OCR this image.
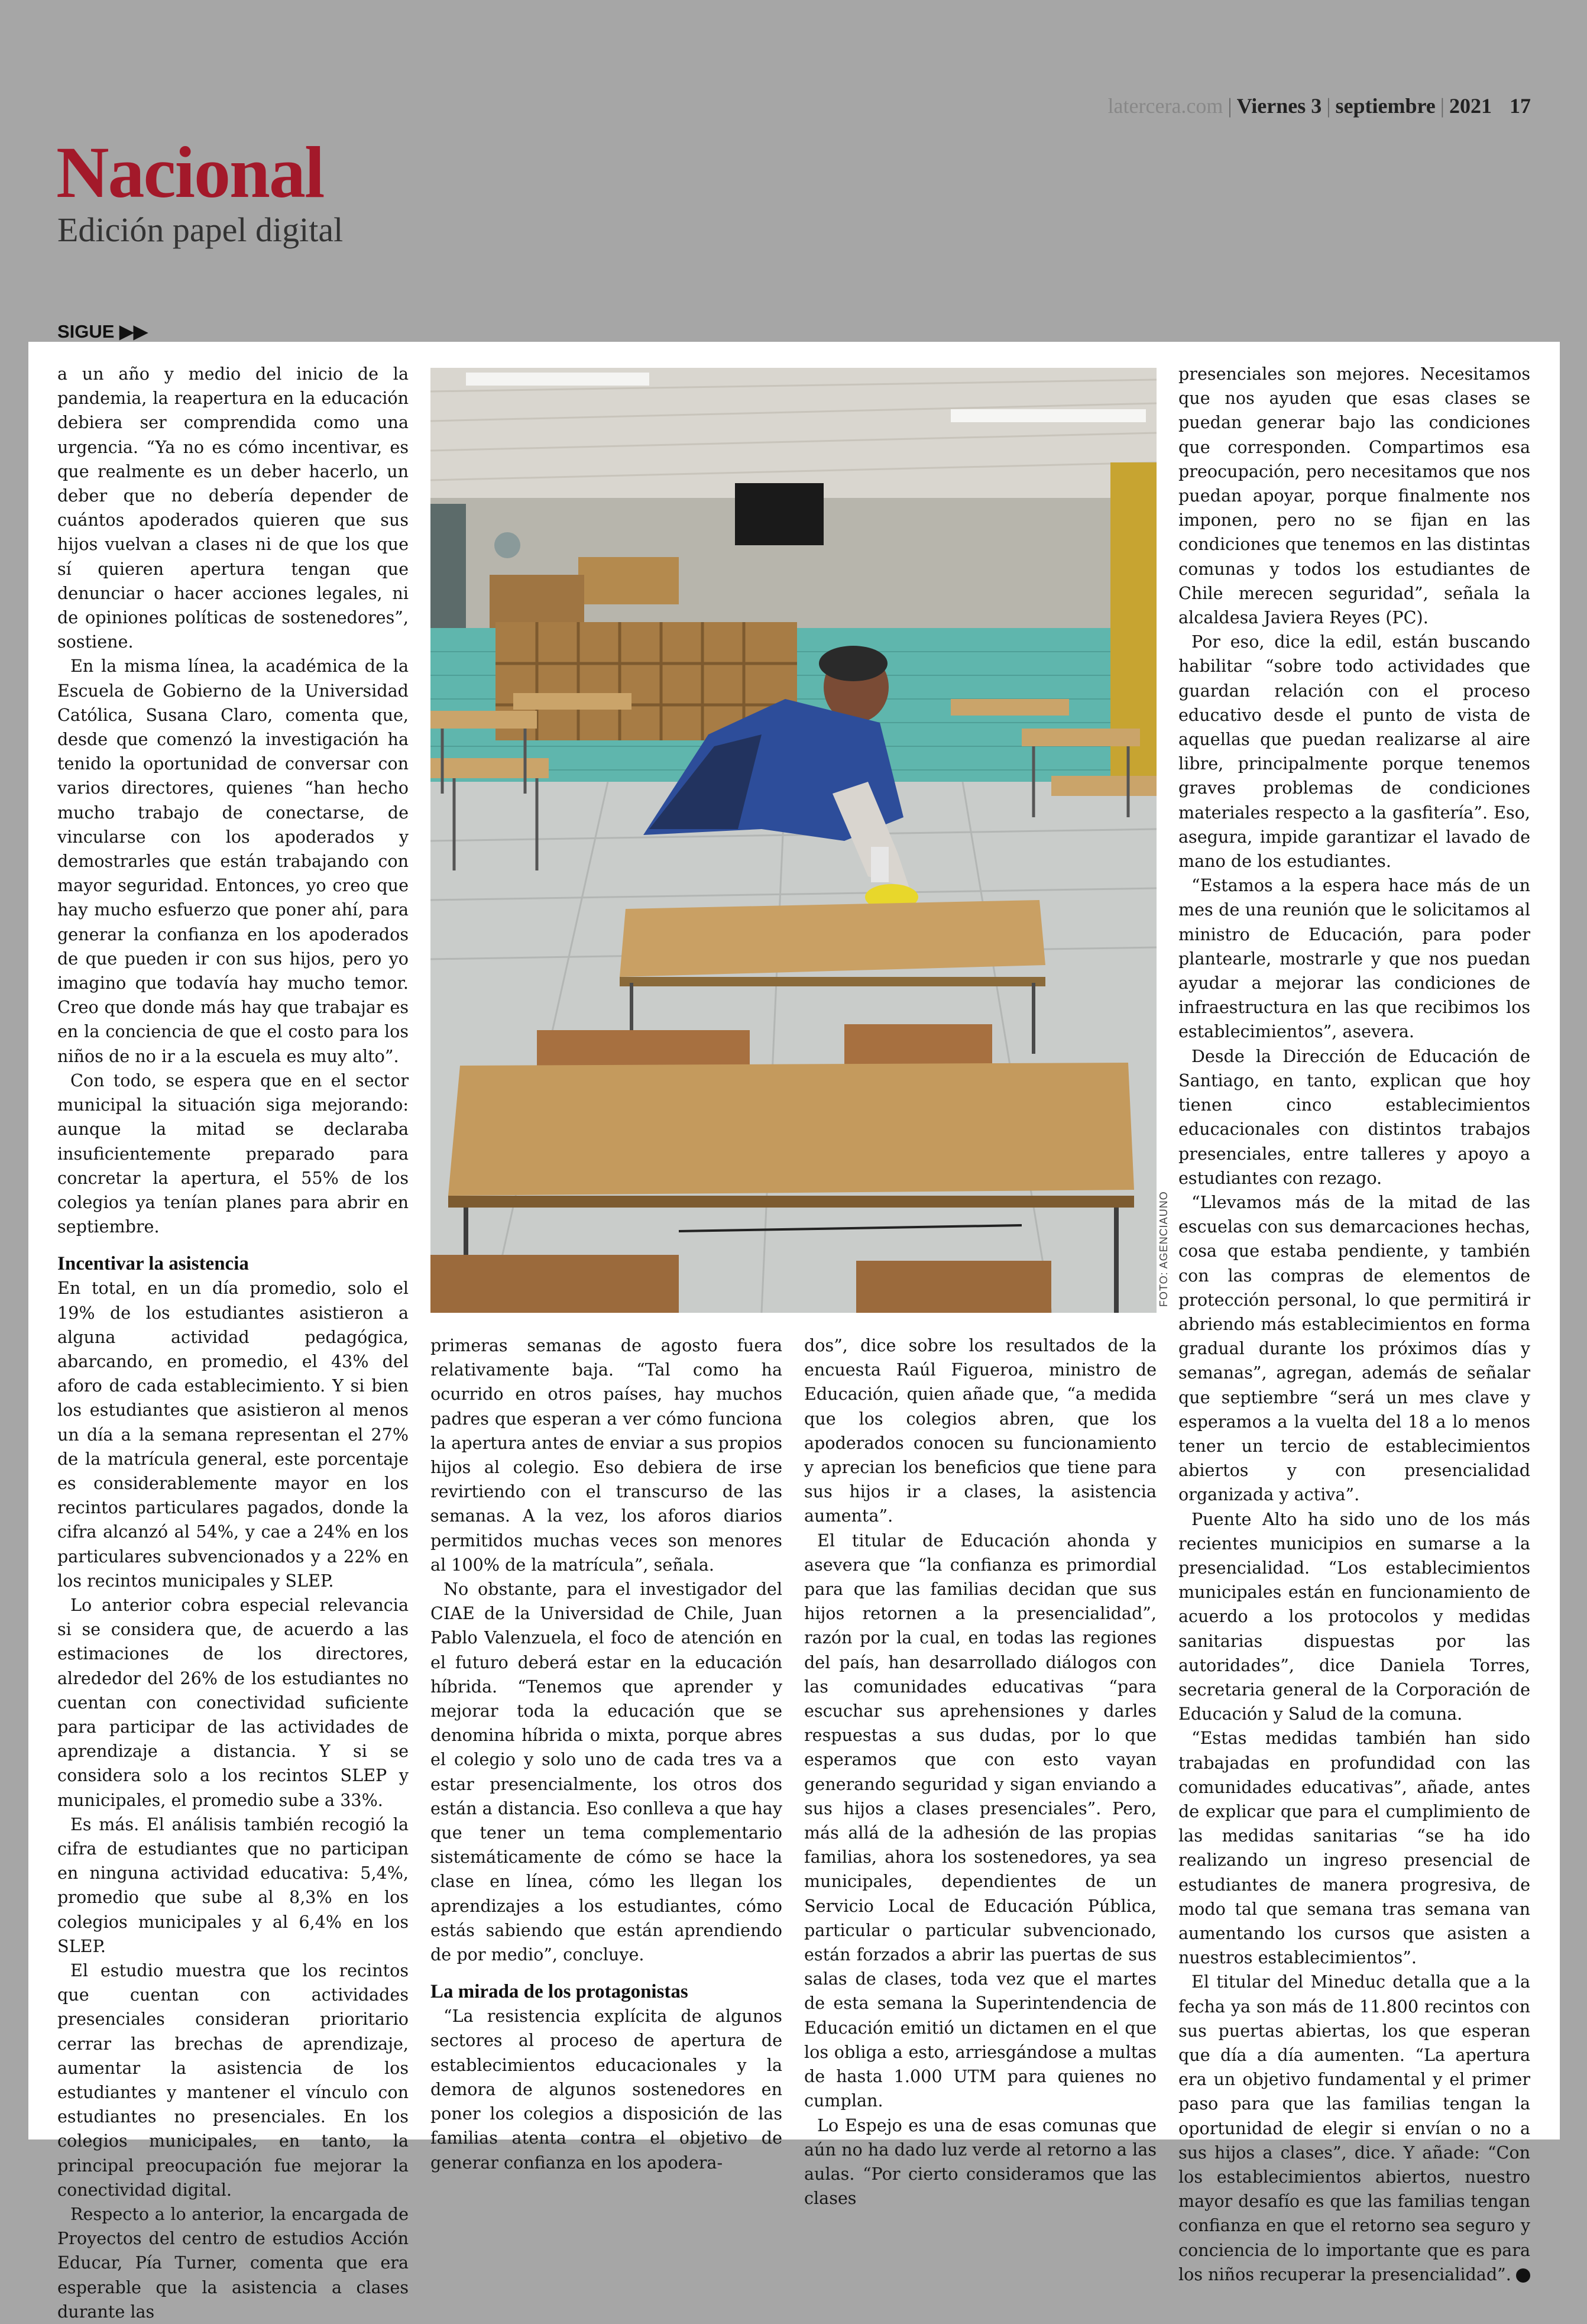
latercera.com | Viernes 3 | septiembre | 2021 17
Nacional
Edición papel digital
SIGUE ▶▶

a un año y medio del inicio de la pandemia, la reapertura en la educación debiera ser comprendida como una urgencia. “Ya no es cómo incentivar, es que realmente es un deber hacerlo, un deber que no debería depender de cuántos apoderados quieren que sus hijos vuelvan a clases ni de que los que sí quieren apertura tengan que denunciar o hacer acciones legales, ni de opiniones políticas de sostenedores”, sostiene.

En la misma línea, la académica de la Escuela de Gobierno de la Universidad Católica, Susana Claro, comenta que, desde que comenzó la investigación ha tenido la oportunidad de conversar con varios directores, quienes “han hecho mucho trabajo de conectarse, de vincularse con los apoderados y demostrarles que están trabajando con mayor seguridad. Entonces, yo creo que hay mucho esfuerzo que poner ahí, para generar la confianza en los apoderados de que pueden ir con sus hijos, pero yo imagino que todavía hay mucho temor. Creo que donde más hay que trabajar es en la conciencia de que el costo para los niños de no ir a la escuela es muy alto”.

Con todo, se espera que en el sector municipal la situación siga mejorando: aunque la mitad se declaraba insuficientemente preparado para concretar la apertura, el 55% de los colegios ya tenían planes para abrir en septiembre.

Incentivar la asistencia

En total, en un día promedio, solo el 19% de los estudiantes asistieron a alguna actividad pedagógica, abarcando, en promedio, el 43% del aforo de cada establecimiento. Y si bien los estudiantes que asistieron al menos un día a la semana representan el 27% de la matrícula general, este porcentaje es considerablemente mayor en los recintos particulares pagados, donde la cifra alcanzó al 54%, y cae a 24% en los particulares subvencionados y a 22% en los recintos municipales y SLEP.

Lo anterior cobra especial relevancia si se considera que, de acuerdo a las estimaciones de los directores, alrededor del 26% de los estudiantes no cuentan con conectividad suficiente para participar de las actividades de aprendizaje a distancia. Y si se considera solo a los recintos SLEP y municipales, el promedio sube a 33%.

Es más. El análisis también recogió la cifra de estudiantes que no participan en ninguna actividad educativa: 5,4%, promedio que sube al 8,3% en los colegios municipales y al 6,4% en los SLEP.

El estudio muestra que los recintos que cuentan con actividades presenciales consideran prioritario cerrar las brechas de aprendizaje, aumentar la asistencia de los estudiantes y mantener el vínculo con estudiantes no presenciales. En los colegios municipales, en tanto, la principal preocupación fue mejorar la conectividad digital.

Respecto a lo anterior, la encargada de Proyectos del centro de estudios Acción Educar, Pía Turner, comenta que era esperable que la asistencia a clases durante las

FOTO: AGENCIAUNO

primeras semanas de agosto fuera relativamente baja. “Tal como ha ocurrido en otros países, hay muchos padres que esperan a ver cómo funciona la apertura antes de enviar a sus propios hijos al colegio. Eso debiera de irse revirtiendo con el transcurso de las semanas. A la vez, los aforos diarios permitidos muchas veces son menores al 100% de la matrícula”, señala.

No obstante, para el investigador del CIAE de la Universidad de Chile, Juan Pablo Valenzuela, el foco de atención en el futuro deberá estar en la educación híbrida. “Tenemos que aprender y mejorar toda la educación que se denomina híbrida o mixta, porque abres el colegio y solo uno de cada tres va a estar presencialmente, los otros dos están a distancia. Eso conlleva a que hay que tener un tema complementario sistemáticamente de cómo se hace la clase en línea, cómo les llegan los aprendizajes a los estudiantes, cómo estás sabiendo que están aprendiendo de por medio”, concluye.

La mirada de los protagonistas

“La resistencia explícita de algunos sectores al proceso de apertura de establecimientos educacionales y la demora de algunos sostenedores en poner los colegios a disposición de las familias atenta contra el objetivo de generar confianza en los apodera-

dos”, dice sobre los resultados de la encuesta Raúl Figueroa, ministro de Educación, quien añade que, “a medida que los colegios abren, que los apoderados conocen su funcionamiento y aprecian los beneficios que tiene para sus hijos ir a clases, la asistencia aumenta”.

El titular de Educación ahonda y asevera que “la confianza es primordial para que las familias decidan que sus hijos retornen a la presencialidad”, razón por la cual, en todas las regiones del país, han desarrollado diálogos con las comunidades educativas “para escuchar sus aprehensiones y darles respuestas a sus dudas, por lo que esperamos que con esto vayan generando seguridad y sigan enviando a sus hijos a clases presenciales”. Pero, más allá de la adhesión de las propias familias, ahora los sostenedores, ya sea municipales, dependientes de un Servicio Local de Educación Pública, particular o particular subvencionado, están forzados a abrir las puertas de sus salas de clases, toda vez que el martes de esta semana la Superintendencia de Educación emitió un dictamen en el que los obliga a esto, arriesgándose a multas de hasta 1.000 UTM para quienes no cumplan.

Lo Espejo es una de esas comunas que aún no ha dado luz verde al retorno a las aulas. “Por cierto consideramos que las clases

presenciales son mejores. Necesitamos que nos ayuden que esas clases se puedan generar bajo las condiciones que corresponden. Compartimos esa preocupación, pero necesitamos que nos puedan apoyar, porque finalmente nos imponen, pero no se fijan en las condiciones que tenemos en las distintas comunas y todos los estudiantes de Chile merecen seguridad”, señala la alcaldesa Javiera Reyes (PC).

Por eso, dice la edil, están buscando habilitar “sobre todo actividades que guardan relación con el proceso educativo desde el punto de vista de aquellas que puedan realizarse al aire libre, principalmente porque tenemos graves problemas de condiciones materiales respecto a la gasfitería”. Eso, asegura, impide garantizar el lavado de mano de los estudiantes.

“Estamos a la espera hace más de un mes de una reunión que le solicitamos al ministro de Educación, para poder plantearle, mostrarle y que nos puedan ayudar a mejorar las condiciones de infraestructura en las que recibimos los establecimientos”, asevera.

Desde la Dirección de Educación de Santiago, en tanto, explican que hoy tienen cinco establecimientos educacionales con distintos trabajos presenciales, entre talleres y apoyo a estudiantes con rezago.

“Llevamos más de la mitad de las escuelas con sus demarcaciones hechas, cosa que estaba pendiente, y también con las compras de elementos de protección personal, lo que permitirá ir abriendo más establecimientos en forma gradual durante los próximos días y semanas”, agregan, además de señalar que septiembre “será un mes clave y esperamos a la vuelta del 18 a lo menos tener un tercio de establecimientos abiertos y con presencialidad organizada y activa”.

Puente Alto ha sido uno de los más recientes municipios en sumarse a la presencialidad. “Los establecimientos municipales están en funcionamiento de acuerdo a los protocolos y medidas sanitarias dispuestas por las autoridades”, dice Daniela Torres, secretaria general de la Corporación de Educación y Salud de la comuna.

“Estas medidas también han sido trabajadas en profundidad con las comunidades educativas”, añade, antes de explicar que para el cumplimiento de las medidas sanitarias “se ha ido realizando un ingreso presencial de estudiantes de manera progresiva, de modo tal que semana tras semana van aumentando los cursos que asisten a nuestros establecimientos”.

El titular del Mineduc detalla que a la fecha ya son más de 11.800 recintos con sus puertas abiertas, los que esperan que día a día aumenten. “La apertura era un objetivo fundamental y el primer paso para que las familias tengan la oportunidad de elegir si envían o no a sus hijos a clases”, dice. Y añade: “Con los establecimientos abiertos, nuestro mayor desafío es que las familias tengan confianza en que el retorno sea seguro y conciencia de lo importante que es para los niños recuperar la presencialidad”.
